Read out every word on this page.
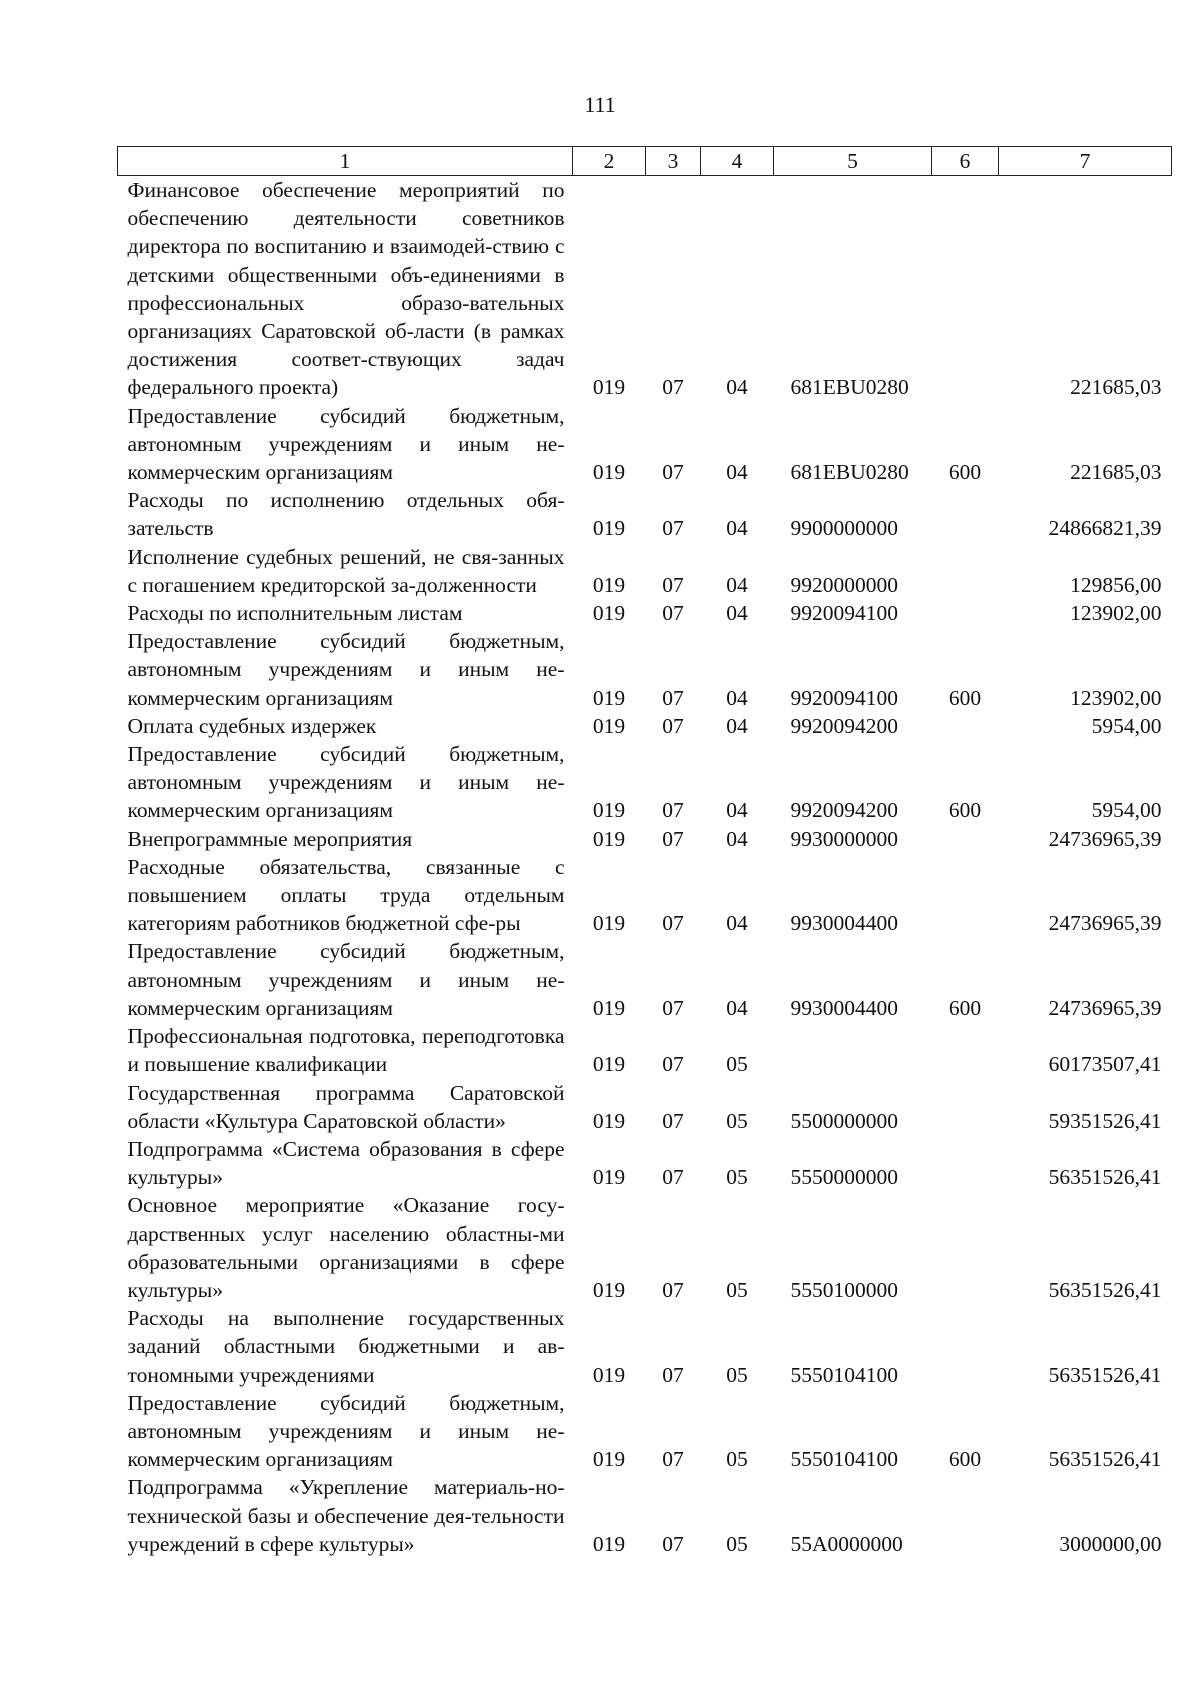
111
1	2	3	4	5	6	7
Финансовое обеспечение мероприятий по обеспечению деятельности советников директора по воспитанию и взаимодей-ствию с детскими общественными объ-единениями в профессиональных образо-вательных организациях Саратовской об-ласти (в рамках достижения соответ-ствующих задач федерального проекта)	019	07	04	681EBU0280		221685,03
Предоставление субсидий бюджетным, автономным учреждениям и иным не-коммерческим организациям	019	07	04	681EBU0280	600	221685,03
Расходы по исполнению отдельных обя-зательств	019	07	04	9900000000		24866821,39
Исполнение судебных решений, не свя-занных с погашением кредиторской за-долженности	019	07	04	9920000000		129856,00
Расходы по исполнительным листам	019	07	04	9920094100		123902,00
Предоставление субсидий бюджетным, автономным учреждениям и иным не-коммерческим организациям	019	07	04	9920094100	600	123902,00
Оплата судебных издержек	019	07	04	9920094200		5954,00
Предоставление субсидий бюджетным, автономным учреждениям и иным не-коммерческим организациям	019	07	04	9920094200	600	5954,00
Внепрограммные мероприятия	019	07	04	9930000000		24736965,39
Расходные обязательства, связанные с повышением оплаты труда отдельным категориям работников бюджетной сфе-ры	019	07	04	9930004400		24736965,39
Предоставление субсидий бюджетным, автономным учреждениям и иным не-коммерческим организациям	019	07	04	9930004400	600	24736965,39
Профессиональная подготовка, переподготовка и повышение квалификации	019	07	05			60173507,41
Государственная программа Саратовской области «Культура Саратовской области»	019	07	05	5500000000		59351526,41
Подпрограмма «Система образования в сфере культуры»	019	07	05	5550000000		56351526,41
Основное мероприятие «Оказание госу-дарственных услуг населению областны-ми образовательными организациями в сфере культуры»	019	07	05	5550100000		56351526,41
Расходы на выполнение государственных заданий областными бюджетными и ав-тономными учреждениями	019	07	05	5550104100		56351526,41
Предоставление субсидий бюджетным, автономным учреждениям и иным не-коммерческим организациям	019	07	05	5550104100	600	56351526,41
Подпрограмма «Укрепление материаль-но-технической базы и обеспечение дея-тельности учреждений в сфере культуры»	019	07	05	55A0000000		3000000,00
